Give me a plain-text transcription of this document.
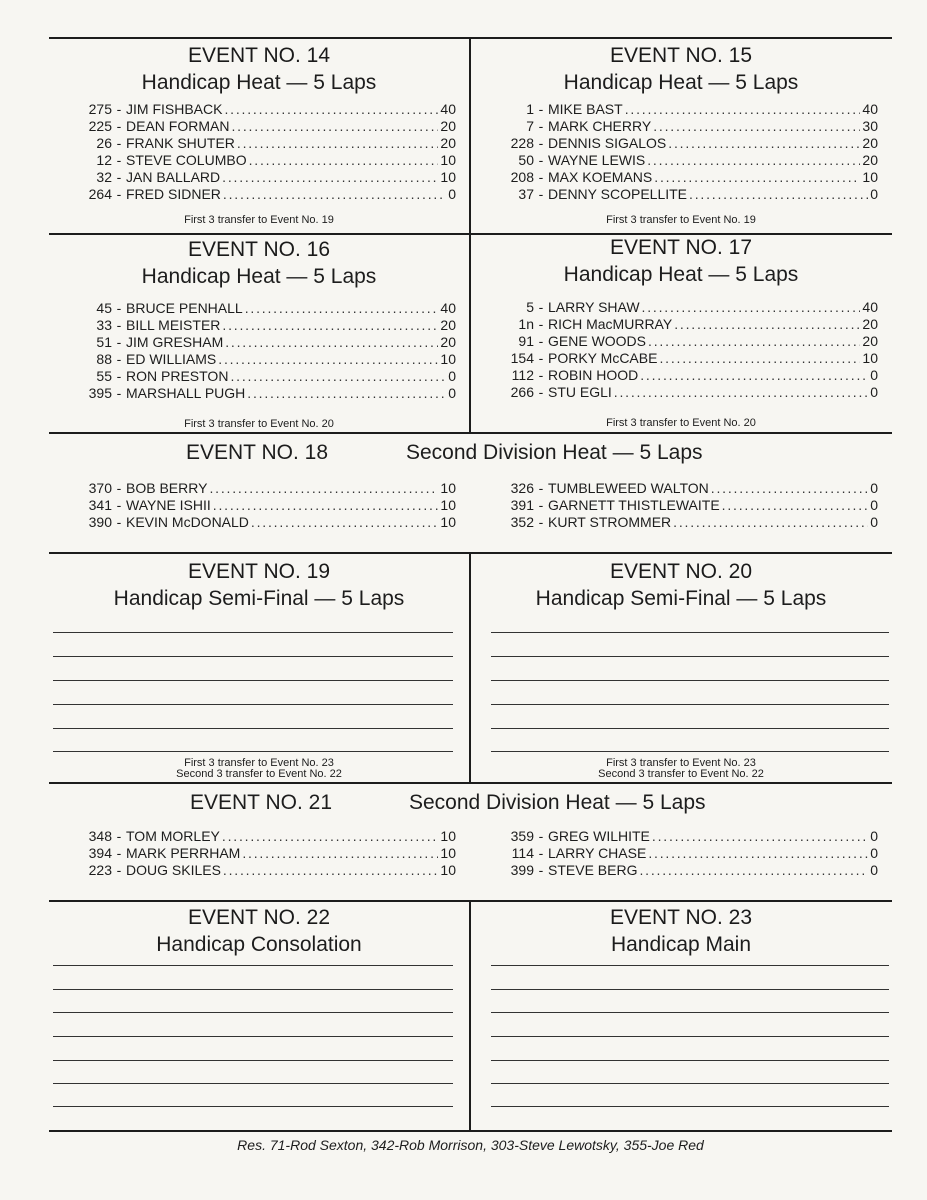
EVENT NO. 14
Handicap Heat — 5 Laps
275 - JIM FISHBACK .....	40
225 - DEAN FORMAN .....	20
26 - FRANK SHUTER .....	20
12 - STEVE COLUMBO .....	10
32 - JAN BALLARD .....	10
264 - FRED SIDNER .....	0
First 3 transfer to Event No. 19
EVENT NO. 15
Handicap Heat — 5 Laps
1 - MIKE BAST .....	40
7 - MARK CHERRY .....	30
228 - DENNIS SIGALOS .....	20
50 - WAYNE LEWIS .....	20
208 - MAX KOEMANS .....	10
37 - DENNY SCOPELLITE .....	0
First 3 transfer to Event No. 19
EVENT NO. 16
Handicap Heat — 5 Laps
45 - BRUCE PENHALL .....	40
33 - BILL MEISTER .....	20
51 - JIM GRESHAM .....	20
88 - ED WILLIAMS .....	10
55 - RON PRESTON .....	0
395 - MARSHALL PUGH .....	0
First 3 transfer to Event No. 20
EVENT NO. 17
Handicap Heat — 5 Laps
5 - LARRY SHAW .....	40
1n - RICH MacMURRAY .....	20
91 - GENE WOODS .....	20
154 - PORKY McCABE .....	10
112 - ROBIN HOOD .....	0
266 - STU EGLI .....	0
First 3 transfer to Event No. 20
EVENT NO. 18	Second Division Heat — 5 Laps
370 - BOB BERRY .....	10
341 - WAYNE ISHII .....	10
390 - KEVIN McDONALD .....	10
326 - TUMBLEWEED WALTON .....	0
391 - GARNETT THISTLEWAITE .....	0
352 - KURT STROMMER .....	0
EVENT NO. 19
Handicap Semi-Final — 5 Laps
First 3 transfer to Event No. 23
Second 3 transfer to Event No. 22
EVENT NO. 20
Handicap Semi-Final — 5 Laps
First 3 transfer to Event No. 23
Second 3 transfer to Event No. 22
EVENT NO. 21	Second Division Heat — 5 Laps
348 - TOM MORLEY .....	10
394 - MARK PERRHAM .....	10
223 - DOUG SKILES .....	10
359 - GREG WILHITE .....	0
114 - LARRY CHASE .....	0
399 - STEVE BERG .....	0
EVENT NO. 22
Handicap Consolation
EVENT NO. 23
Handicap Main
Res. 71-Rod Sexton, 342-Rob Morrison, 303-Steve Lewotsky, 355-Joe Red
